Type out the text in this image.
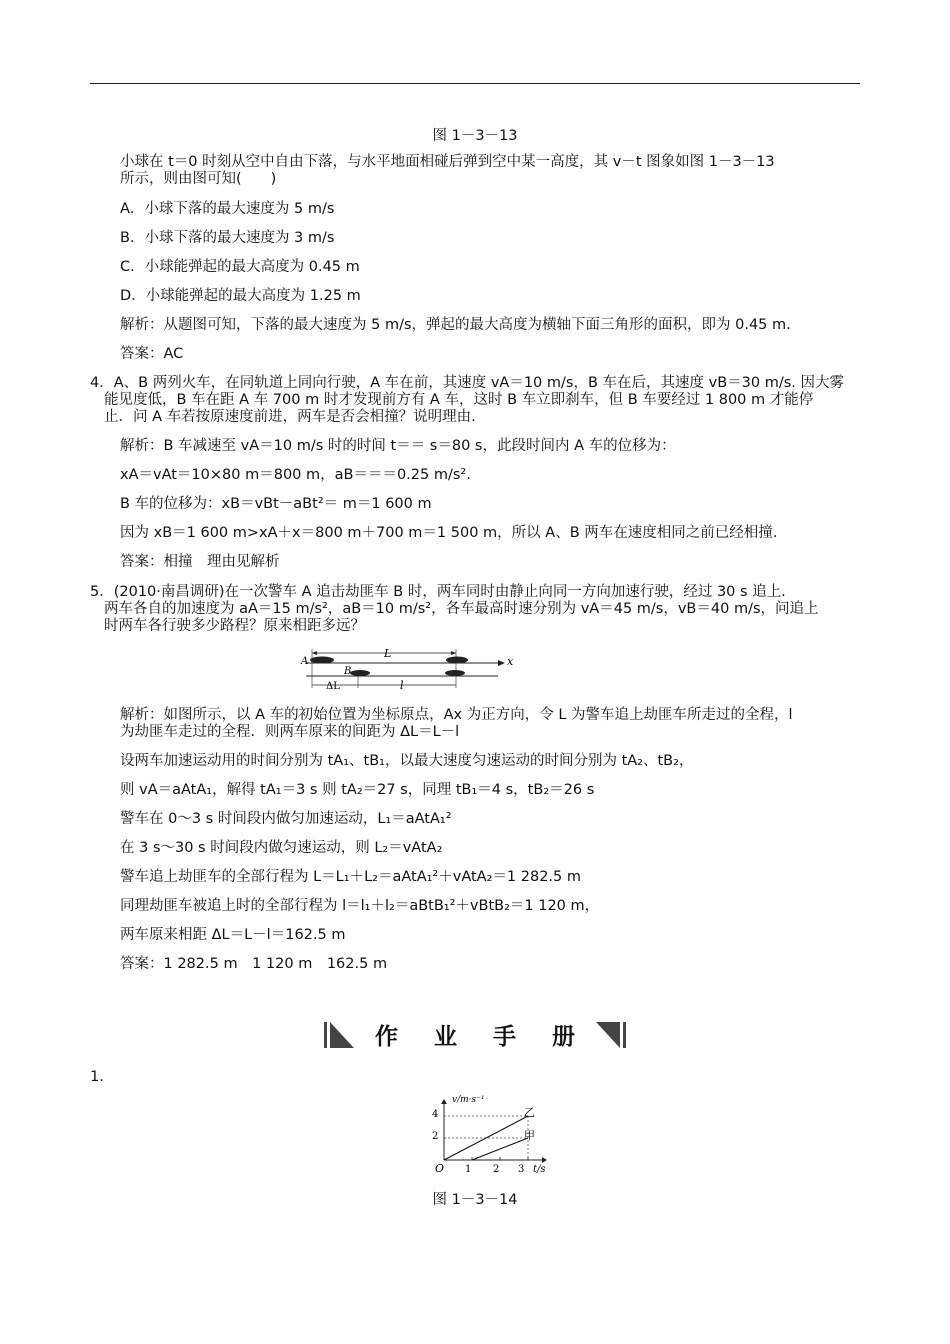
图 1－3－13
小球在 t＝0 时刻从空中自由下落，与水平地面相碰后弹到空中某一高度，其 v－t 图象如图 1－3－13
所示，则由图可知(　　)
A．小球下落的最大速度为 5 m/s
B．小球下落的最大速度为 3 m/s
C．小球能弹起的最大高度为 0.45 m
D．小球能弹起的最大高度为 1.25 m
解析：从题图可知，下落的最大速度为 5 m/s，弹起的最大高度为横轴下面三角形的面积，即为 0.45 m.
答案：AC
4．A、B 两列火车，在同轨道上同向行驶，A 车在前，其速度 vA＝10 m/s，B 车在后，其速度 vB＝30 m/s. 因大雾
能见度低，B 车在距 A 车 700 m 时才发现前方有 A 车，这时 B 车立即刹车，但 B 车要经过 1 800 m 才能停
止．问 A 车若按原速度前进，两车是否会相撞？说明理由.
解析：B 车减速至 vA＝10 m/s 时的时间 t＝＝ s＝80 s，此段时间内 A 车的位移为：
xA＝vAt＝10×80 m＝800 m，aB＝＝＝0.25 m/s².
B 车的位移为：xB＝vBt－aBt²＝ m＝1 600 m
因为 xB＝1 600 m>xA＋x＝800 m＋700 m＝1 500 m，所以 A、B 两车在速度相同之前已经相撞.
答案：相撞　理由见解析
5．(2010·南昌调研)在一次警车 A 追击劫匪车 B 时，两车同时由静止向同一方向加速行驶，经过 30 s 追上.
两车各自的加速度为 aA＝15 m/s²，aB＝10 m/s²，各车最高时速分别为 vA＝45 m/s，vB＝40 m/s，问追上
时两车各行驶多少路程？原来相距多远？
L
x
A
B
ΔL	l
解析：如图所示，以 A 车的初始位置为坐标原点，Ax 为正方向，令 L 为警车追上劫匪车所走过的全程，l
为劫匪车走过的全程．则两车原来的间距为 ΔL＝L－l
设两车加速运动用的时间分别为 tA₁、tB₁，以最大速度匀速运动的时间分别为 tA₂、tB₂，
则 vA＝aAtA₁，解得 tA₁＝3 s 则 tA₂＝27 s，同理 tB₁＝4 s，tB₂＝26 s
警车在 0～3 s 时间段内做匀加速运动，L₁＝aAtA₁²
在 3 s～30 s 时间段内做匀速运动，则 L₂＝vAtA₂
警车追上劫匪车的全部行程为 L＝L₁＋L₂＝aAtA₁²＋vAtA₂＝1 282.5 m
同理劫匪车被追上时的全部行程为 l＝l₁＋l₂＝aBtB₁²＋vBtB₂＝1 120 m，
两车原来相距 ΔL＝L－l＝162.5 m
答案：1 282.5 m　1 120 m　162.5 m
作 业 手 册
1.
v/m·s⁻¹
t/s
O
4
2
1 2 3
乙
甲
图 1－3－14
